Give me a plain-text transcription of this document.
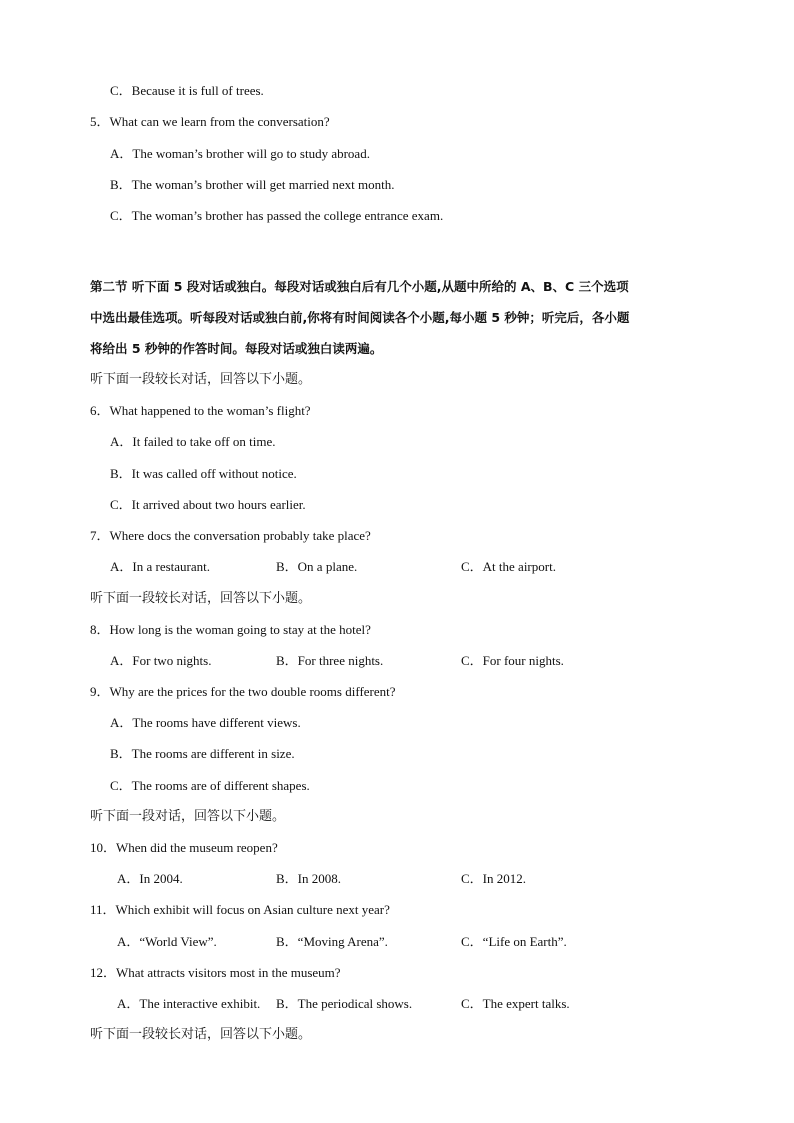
C．Because it is full of trees.
5．What can we learn from the conversation?
A．The woman’s brother will go to study abroad.
B．The woman’s brother will get married next month.
C．The woman’s brother has passed the college entrance exam.
第二节 听下面 5 段对话或独白。每段对话或独白后有几个小题,从题中所给的 A、B、C 三个选项
中选出最佳选项。听每段对话或独白前,你将有时间阅读各个小题,每小题 5 秒钟；听完后，各小题
将给出 5 秒钟的作答时间。每段对话或独白读两遍。
听下面一段较长对话，回答以下小题。
6．What happened to the woman’s flight?
A．It failed to take off on time.
B．It was called off without notice.
C．It arrived about two hours earlier.
7．Where docs the conversation probably take place?
A．In a restaurant.	B．On a plane.	C．At the airport.
听下面一段较长对话，回答以下小题。
8．How long is the woman going to stay at the hotel?
A．For two nights.	B．For three nights.	C．For four nights.
9．Why are the prices for the two double rooms different?
A．The rooms have different views.
B．The rooms are different in size.
C．The rooms are of different shapes.
听下面一段对话，回答以下小题。
10．When did the museum reopen?
A．In 2004.	B．In 2008.	C．In 2012.
11．Which exhibit will focus on Asian culture next year?
A．“World View”.	B．“Moving Arena”.	C．“Life on Earth”.
12．What attracts visitors most in the museum?
A．The interactive exhibit. B．The periodical shows.	C．The expert talks.
听下面一段较长对话，回答以下小题。
